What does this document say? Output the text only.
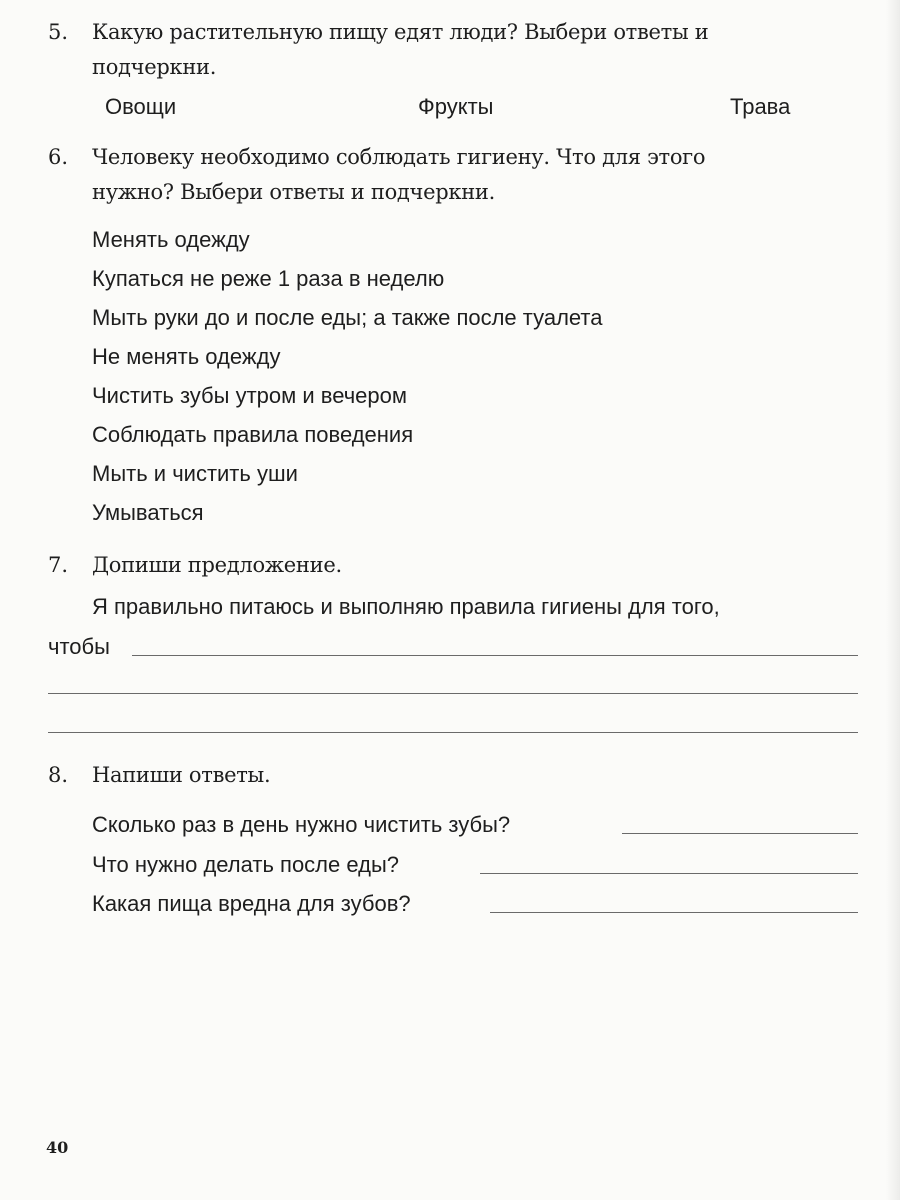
5. Какую растительную пищу едят люди? Выбери ответы и
подчеркни.
Овощи	Фрукты	Трава
6. Человеку необходимо соблюдать гигиену. Что для этого
нужно? Выбери ответы и подчеркни.
Менять одежду
Купаться не реже 1 раза в неделю
Мыть руки до и после еды; а также после туалета
Не менять одежду
Чистить зубы утром и вечером
Соблюдать правила поведения
Мыть и чистить уши
Умываться
7. Допиши предложение.
Я правильно питаюсь и выполняю правила гигиены для того,
чтобы
8. Напиши ответы.
Сколько раз в день нужно чистить зубы?
Что нужно делать после еды?
Какая пища вредна для зубов?
40
